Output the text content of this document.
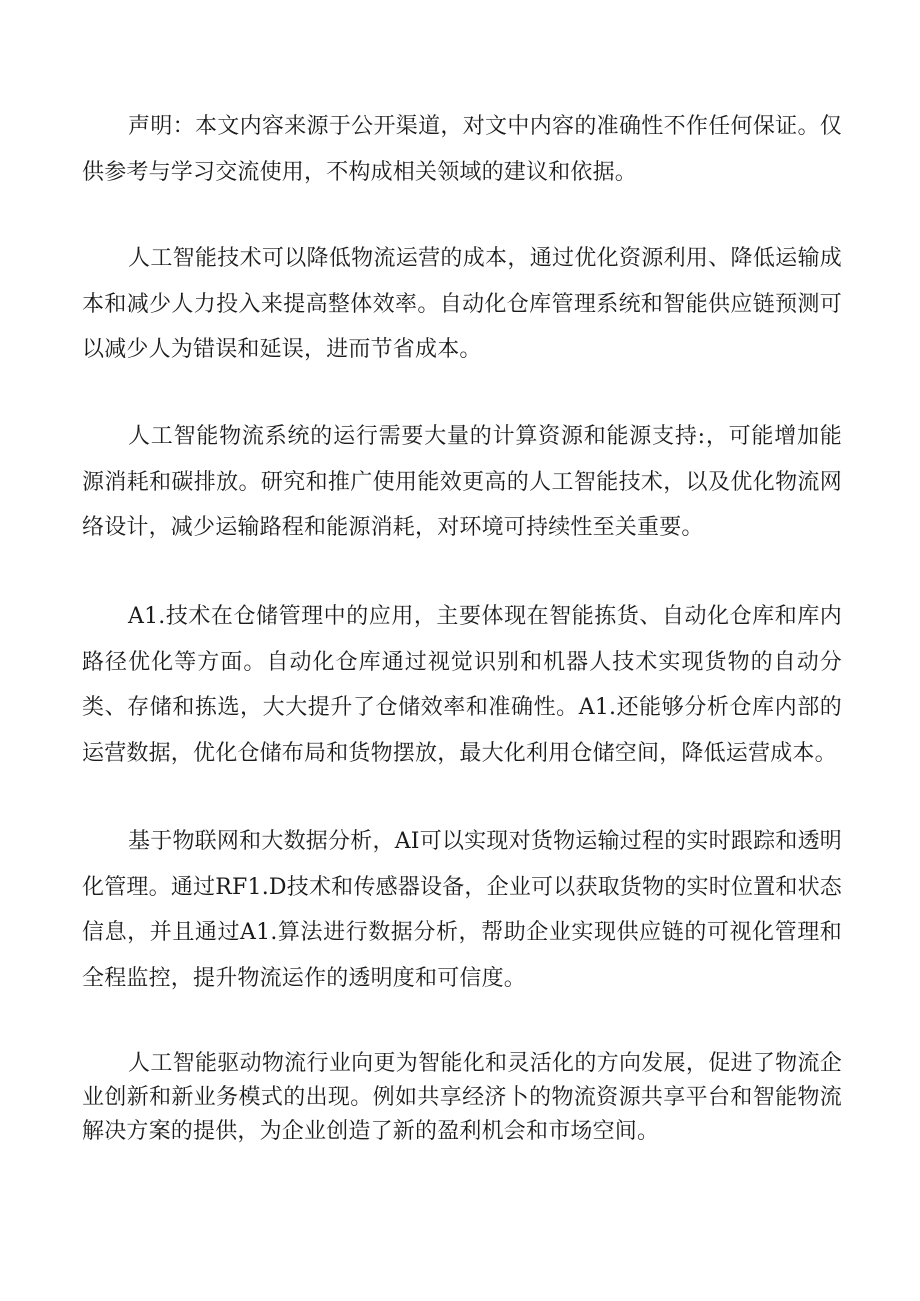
声明：本文内容来源于公开渠道，对文中内容的准确性不作任何保证。仅供参考与学习交流使用，不构成相关领域的建议和依据。

人工智能技术可以降低物流运营的成本，通过优化资源利用、降低运输成本和减少人力投入来提高整体效率。自动化仓库管理系统和智能供应链预测可以减少人为错误和延误，进而节省成本。

人工智能物流系统的运行需要大量的计算资源和能源支持:，可能增加能源消耗和碳排放。研究和推广使用能效更高的人工智能技术，以及优化物流网络设计，减少运输路程和能源消耗，对环境可持续性至关重要。

A1.技术在仓储管理中的应用，主要体现在智能拣货、自动化仓库和库内路径优化等方面。自动化仓库通过视觉识别和机器人技术实现货物的自动分类、存储和拣选，大大提升了仓储效率和准确性。A1.还能够分析仓库内部的运营数据，优化仓储布局和货物摆放，最大化利用仓储空间，降低运营成本。

基于物联网和大数据分析，AI可以实现对货物运输过程的实时跟踪和透明化管理。通过RF1.D技术和传感器设备，企业可以获取货物的实时位置和状态信息，并且通过A1.算法进行数据分析，帮助企业实现供应链的可视化管理和全程监控，提升物流运作的透明度和可信度。

人工智能驱动物流行业向更为智能化和灵活化的方向发展，促进了物流企业创新和新业务模式的出现。例如共享经济卜的物流资源共享平台和智能物流解决方案的提供，为企业创造了新的盈利机会和市场空间。
